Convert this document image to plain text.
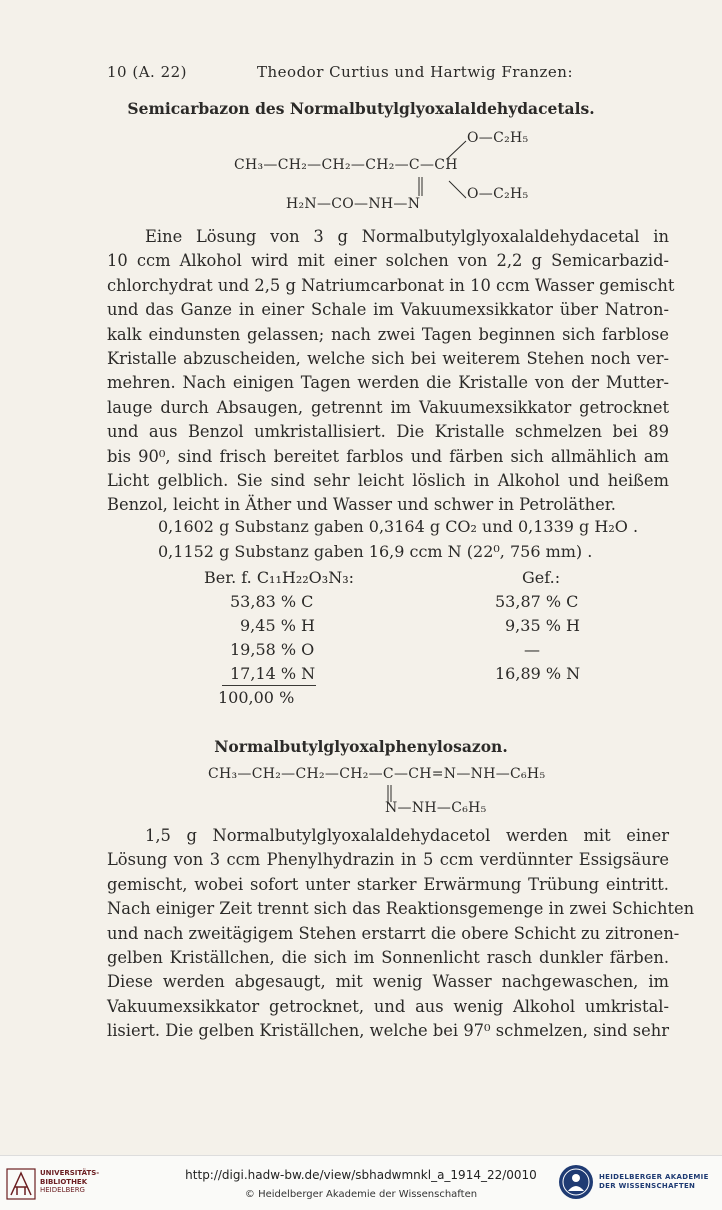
10 (A. 22)	Theodor Curtius und Hartwig Franzen:
Semicarbazon des Normalbutylglyoxalaldehydacetals.
O—C₂H₅
CH₃—CH₂—CH₂—CH₂—C—CH
H₂N—CO—NH—N
O—C₂H₅
Eine Lösung von 3 g Normalbutylglyoxalaldehydacetal in
10 ccm Alkohol wird mit einer solchen von 2,2 g Semicarbazid-
chlorchydrat und 2,5 g Natriumcarbonat in 10 ccm Wasser gemischt
und das Ganze in einer Schale im Vakuumexsikkator über Natron-
kalk eindunsten gelassen; nach zwei Tagen beginnen sich farblose
Kristalle abzuscheiden, welche sich bei weiterem Stehen noch ver-
mehren. Nach einigen Tagen werden die Kristalle von der Mutter-
lauge durch Absaugen, getrennt im Vakuumexsikkator getrocknet
und aus Benzol umkristallisiert. Die Kristalle schmelzen bei 89
bis 90⁰, sind frisch bereitet farblos und färben sich allmählich am
Licht gelblich. Sie sind sehr leicht löslich in Alkohol und heißem
Benzol, leicht in Äther und Wasser und schwer in Petroläther.
0,1602 g Substanz gaben 0,3164 g CO₂ und 0,1339 g H₂O .
0,1152 g Substanz gaben 16,9 ccm N (22⁰, 756 mm) .
Ber. f. C₁₁H₂₂O₃N₃:	Gef.:
53,83 % C
9,45 % H
19,58 % O
17,14 % N
100,00 %
53,87 % C
9,35 % H
—
16,89 % N
Normalbutylglyoxalphenylosazon.
CH₃—CH₂—CH₂—CH₂—C—CH=N—NH—C₆H₅
N—NH—C₆H₅
1,5 g Normalbutylglyoxalaldehydacetol werden mit einer
Lösung von 3 ccm Phenylhydrazin in 5 ccm verdünnter Essigsäure
gemischt, wobei sofort unter starker Erwärmung Trübung eintritt.
Nach einiger Zeit trennt sich das Reaktionsgemenge in zwei Schichten
und nach zweitägigem Stehen erstarrt die obere Schicht zu zitronen-
gelben Kriställchen, die sich im Sonnenlicht rasch dunkler färben.
Diese werden abgesaugt, mit wenig Wasser nachgewaschen, im
Vakuumexsikkator getrocknet, und aus wenig Alkohol umkristal-
lisiert. Die gelben Kriställchen, welche bei 97⁰ schmelzen, sind sehr
UNIVERSITÄTS-
BIBLIOTHEK
HEIDELBERG
http://digi.hadw-bw.de/view/sbhadwmnkl_a_1914_22/0010
© Heidelberger Akademie der Wissenschaften
HEIDELBERGER AKADEMIE
DER WISSENSCHAFTEN
